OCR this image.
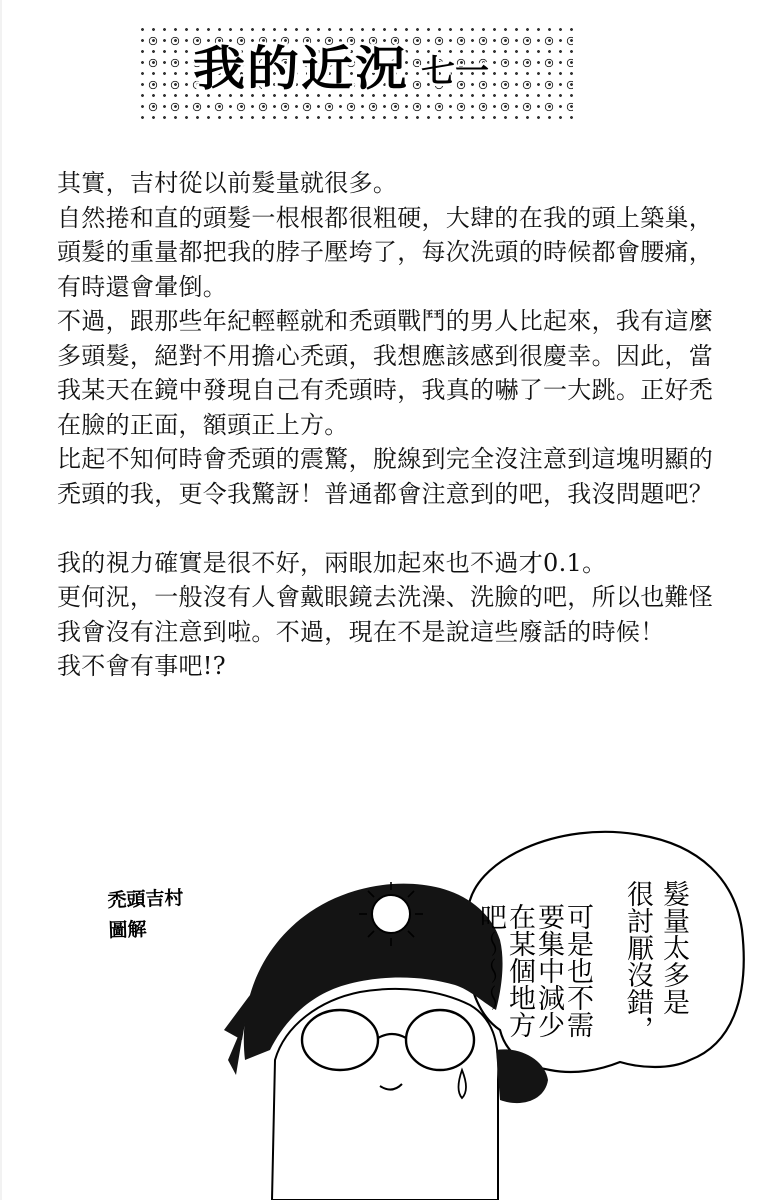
我的近況 七一
其實，吉村從以前髮量就很多。
自然捲和直的頭髮一根根都很粗硬，大肆的在我的頭上築巢，
頭髮的重量都把我的脖子壓垮了，每次洗頭的時候都會腰痛，
有時還會暈倒。
不過，跟那些年紀輕輕就和禿頭戰鬥的男人比起來，我有這麼
多頭髮，絕對不用擔心禿頭，我想應該感到很慶幸。因此，當
我某天在鏡中發現自己有禿頭時，我真的嚇了一大跳。正好禿
在臉的正面，額頭正上方。
比起不知何時會禿頭的震驚，脫線到完全沒注意到這塊明顯的
禿頭的我，更令我驚訝！普通都會注意到的吧，我沒問題吧？
我的視力確實是很不好，兩眼加起來也不過才0.1。
更何況，一般沒有人會戴眼鏡去洗澡、洗臉的吧，所以也難怪
我會沒有注意到啦。不過，現在不是說這些廢話的時候！
我不會有事吧!?
禿頭吉村
圖解	髮量太多是
很討厭沒錯，
可是也不需
要集中減少
在某個地方
吧～～～
